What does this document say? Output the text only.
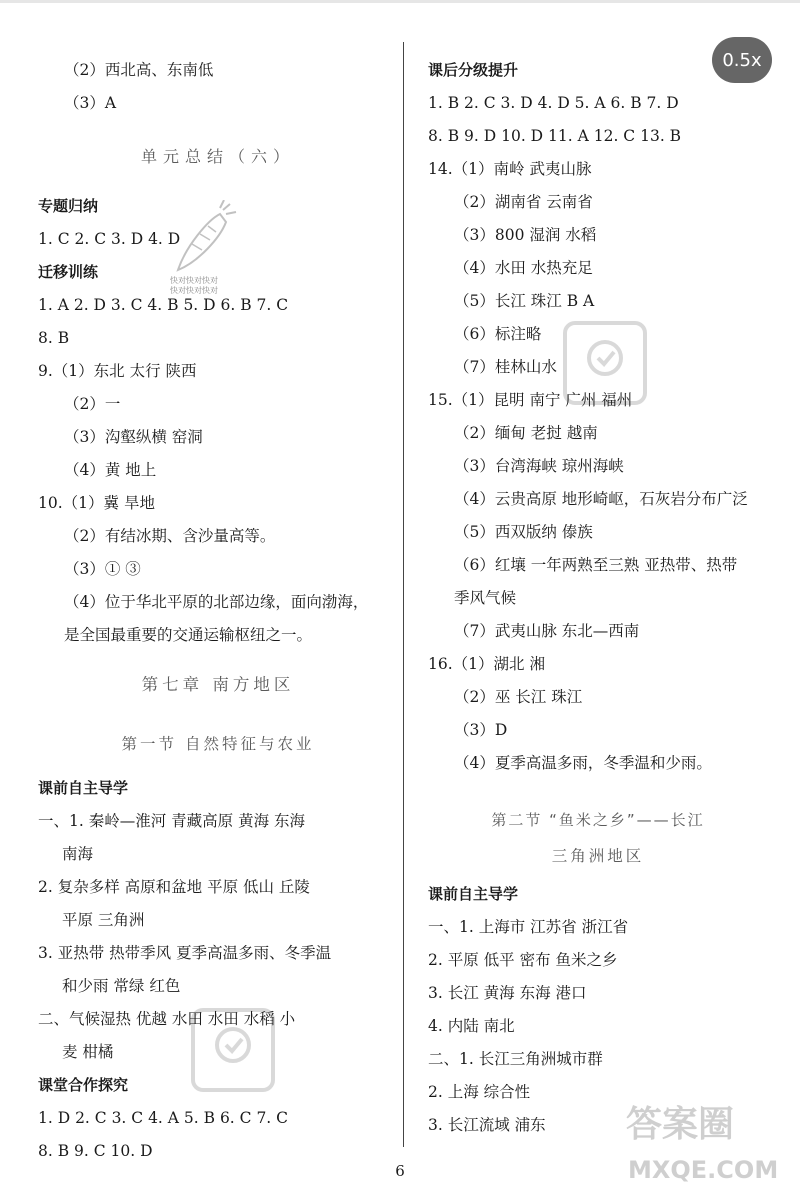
（2）西北高、东南低
（3）A
单元总结（六）
专题归纳
1. C 2. C 3. D 4. D
迁移训练
1. A 2. D 3. C 4. B 5. D 6. B 7. C
8. B
9.（1）东北 太行 陕西
（2）一
（3）沟壑纵横 窑洞
（4）黄 地上
10.（1）冀 旱地
（2）有结冰期、含沙量高等。
（3）① ③
（4）位于华北平原的北部边缘，面向渤海，
是全国最重要的交通运输枢纽之一。
第七章 南方地区
第一节 自然特征与农业
课前自主导学
一、1. 秦岭—淮河 青藏高原 黄海 东海
南海
2. 复杂多样 高原和盆地 平原 低山 丘陵
平原 三角洲
3. 亚热带 热带季风 夏季高温多雨、冬季温
和少雨 常绿 红色
二、气候湿热 优越 水田 水田 水稻 小
麦 柑橘
课堂合作探究
1. D 2. C 3. C 4. A 5. B 6. C 7. C
8. B 9. C 10. D
课后分级提升
1. B 2. C 3. D 4. D 5. A 6. B 7. D
8. B 9. D 10. D 11. A 12. C 13. B
14.（1）南岭 武夷山脉
（2）湖南省 云南省
（3）800 湿润 水稻
（4）水田 水热充足
（5）长江 珠江 B A
（6）标注略
（7）桂林山水
15.（1）昆明 南宁 广州 福州
（2）缅甸 老挝 越南
（3）台湾海峡 琼州海峡
（4）云贵高原 地形崎岖，石灰岩分布广泛
（5）西双版纳 傣族
（6）红壤 一年两熟至三熟 亚热带、热带
季风气候
（7）武夷山脉 东北—西南
16.（1）湖北 湘
（2）巫 长江 珠江
（3）D
（4）夏季高温多雨，冬季温和少雨。
第二节 “鱼米之乡”——长江
三角洲地区
课前自主导学
一、1. 上海市 江苏省 浙江省
2. 平原 低平 密布 鱼米之乡
3. 长江 黄海 东海 港口
4. 内陆 南北
二、1. 长江三角洲城市群
2. 上海 综合性
3. 长江流域 浦东
6
快对快对快对
快对快对快对
答案圈
MXQE.COM
0.5x
